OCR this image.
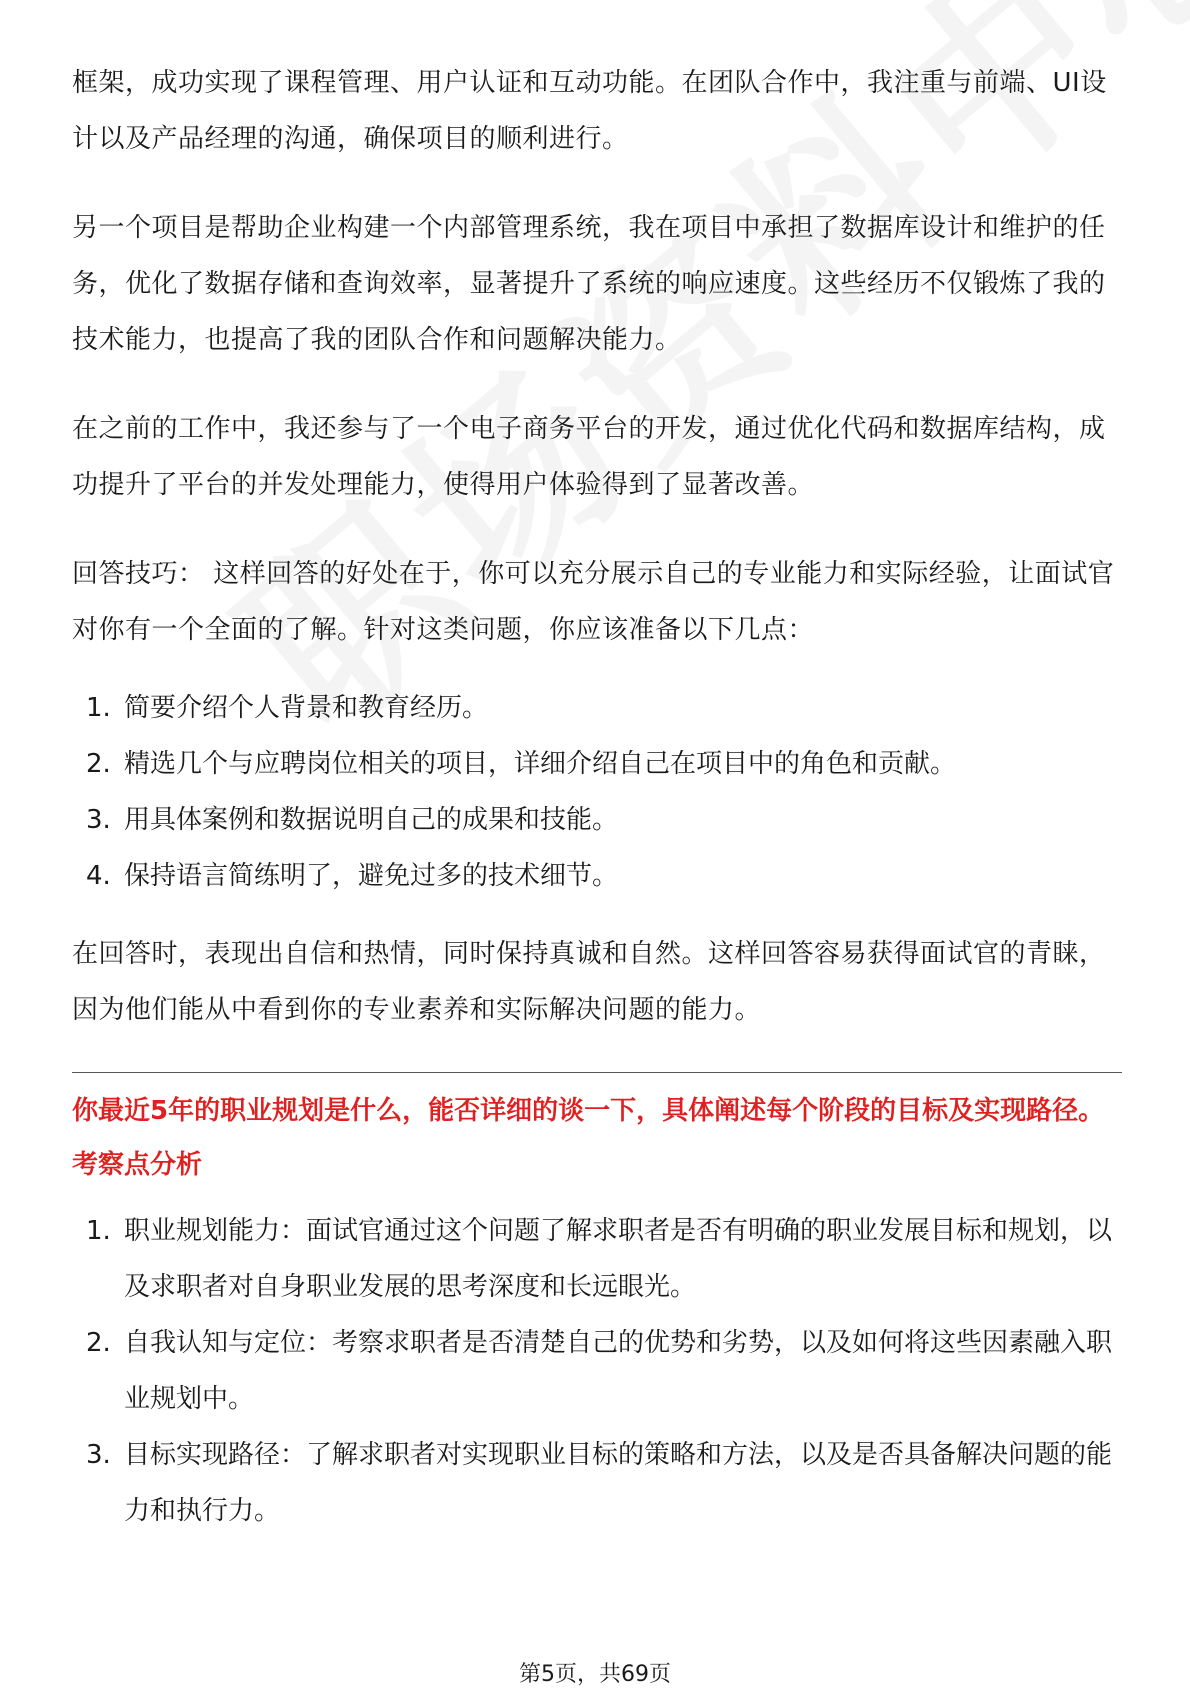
框架，成功实现了课程管理、用户认证和互动功能。在团队合作中，我注重与前端、UI设计以及产品经理的沟通，确保项目的顺利进行。

另一个项目是帮助企业构建一个内部管理系统，我在项目中承担了数据库设计和维护的任务，优化了数据存储和查询效率，显著提升了系统的响应速度。这些经历不仅锻炼了我的技术能力，也提高了我的团队合作和问题解决能力。

在之前的工作中，我还参与了一个电子商务平台的开发，通过优化代码和数据库结构，成功提升了平台的并发处理能力，使得用户体验得到了显著改善。

回答技巧： 这样回答的好处在于，你可以充分展示自己的专业能力和实际经验，让面试官对你有一个全面的了解。针对这类问题，你应该准备以下几点：

1. 简要介绍个人背景和教育经历。
2. 精选几个与应聘岗位相关的项目，详细介绍自己在项目中的角色和贡献。
3. 用具体案例和数据说明自己的成果和技能。
4. 保持语言简练明了，避免过多的技术细节。

在回答时，表现出自信和热情，同时保持真诚和自然。这样回答容易获得面试官的青睐，因为他们能从中看到你的专业素养和实际解决问题的能力。

你最近5年的职业规划是什么，能否详细的谈一下，具体阐述每个阶段的目标及实现路径。

考察点分析

1. 职业规划能力：面试官通过这个问题了解求职者是否有明确的职业发展目标和规划，以及求职者对自身职业发展的思考深度和长远眼光。
2. 自我认知与定位：考察求职者是否清楚自己的优势和劣势，以及如何将这些因素融入职业规划中。
3. 目标实现路径：了解求职者对实现职业目标的策略和方法，以及是否具备解决问题的能力和执行力。
第5页，共69页
